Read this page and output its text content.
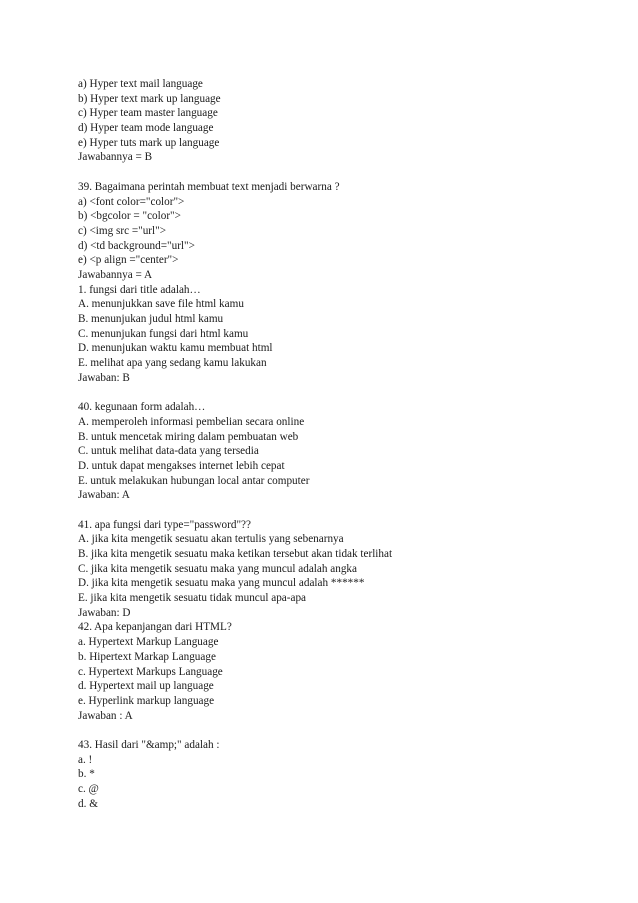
a) Hyper text mail language
b) Hyper text mark up language
c) Hyper team master language
d) Hyper team mode language
e) Hyper tuts mark up language
Jawabannya = B
39. Bagaimana perintah membuat text menjadi berwarna ?
a) <font color="color">
b) <bgcolor = "color">
c) <img src ="url">
d) <td background="url">
e) <p align ="center">
Jawabannya = A
1. fungsi dari title adalah…
A. menunjukkan save file html kamu
B. menunjukan judul html kamu
C. menunjukan fungsi dari html kamu
D. menunjukan waktu kamu membuat html
E. melihat apa yang sedang kamu lakukan
Jawaban: B
40. kegunaan form adalah…
A. memperoleh informasi pembelian secara online
B. untuk mencetak miring dalam pembuatan web
C. untuk melihat data-data yang tersedia
D. untuk dapat mengakses internet lebih cepat
E. untuk melakukan hubungan local antar computer
Jawaban: A
41. apa fungsi dari type="password"??
A. jika kita mengetik sesuatu akan tertulis yang sebenarnya
B. jika kita mengetik sesuatu maka ketikan tersebut akan tidak terlihat
C. jika kita mengetik sesuatu maka yang muncul adalah angka
D. jika kita mengetik sesuatu maka yang muncul adalah ******
E. jika kita mengetik sesuatu tidak muncul apa-apa
Jawaban: D
42. Apa kepanjangan dari HTML?
a. Hypertext Markup Language
b. Hipertext Markap Language
c. Hypertext Markups Language
d. Hypertext mail up language
e. Hyperlink markup language
Jawaban : A
43. Hasil dari "&amp;" adalah :
a. !
b. *
c. @
d. &
